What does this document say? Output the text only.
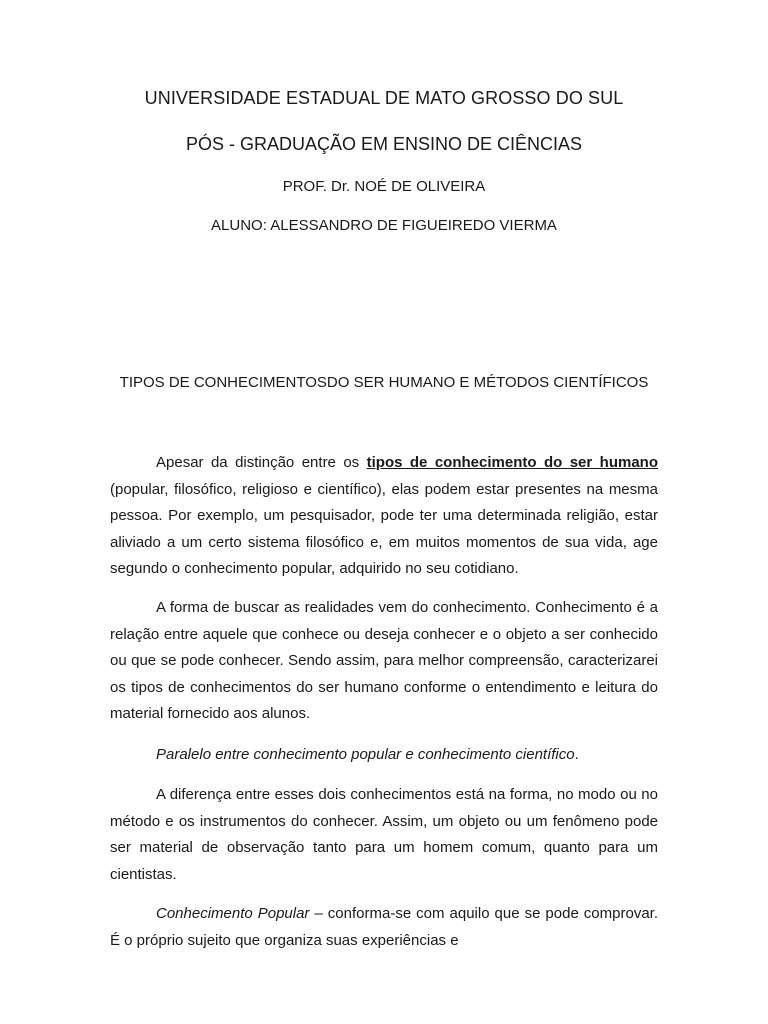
UNIVERSIDADE ESTADUAL DE MATO GROSSO DO SUL
PÓS - GRADUAÇÃO EM ENSINO DE CIÊNCIAS
PROF. Dr. NOÉ DE OLIVEIRA
ALUNO: ALESSANDRO DE FIGUEIREDO VIERMA
TIPOS DE CONHECIMENTOSDO SER HUMANO E MÉTODOS CIENTÍFICOS

Apesar da distinção entre os tipos de conhecimento do ser humano (popular, filosófico, religioso e científico), elas podem estar presentes na mesma pessoa. Por exemplo, um pesquisador, pode ter uma determinada religião, estar aliviado a um certo sistema filosófico e, em muitos momentos de sua vida, age segundo o conhecimento popular, adquirido no seu cotidiano.

A forma de buscar as realidades vem do conhecimento. Conhecimento é a relação entre aquele que conhece ou deseja conhecer e o objeto a ser conhecido ou que se pode conhecer. Sendo assim, para melhor compreensão, caracterizarei os tipos de conhecimentos do ser humano conforme o entendimento e leitura do material fornecido aos alunos.

Paralelo entre conhecimento popular e conhecimento científico.

A diferença entre esses dois conhecimentos está na forma, no modo ou no método e os instrumentos do conhecer. Assim, um objeto ou um fenômeno pode ser material de observação tanto para um homem comum, quanto para um cientistas.

Conhecimento Popular – conforma-se com aquilo que se pode comprovar. É o próprio sujeito que organiza suas experiências e
